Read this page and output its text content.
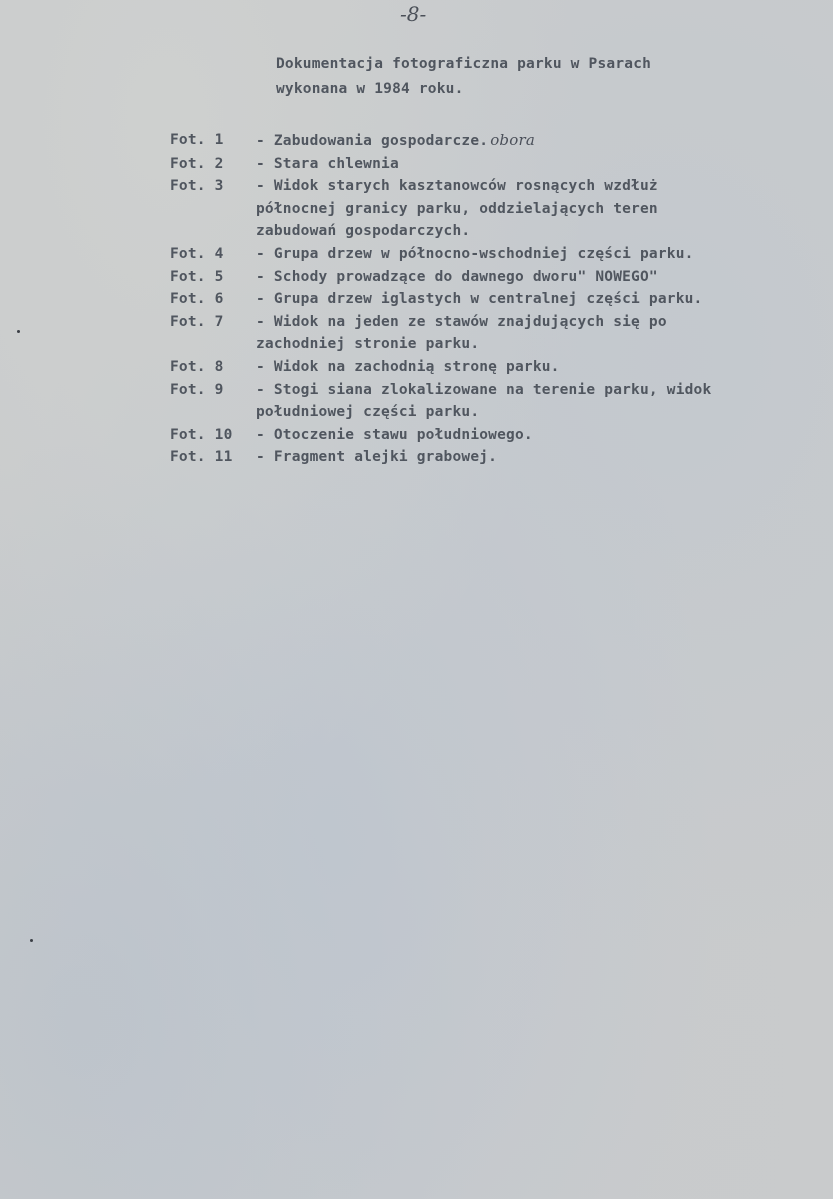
-8-
Dokumentacja fotograficzna parku w Psarach
wykonana w 1984 roku.
Fot. 1	- Zabudowania gospodarcze. obora
Fot. 2	- Stara chlewnia
Fot. 3	- Widok starych kasztanowców rosnących wzdłuż
północnej granicy parku, oddzielających teren
zabudowań gospodarczych.
Fot. 4	- Grupa drzew w północno-wschodniej części parku.
Fot. 5	- Schody prowadzące do dawnego dworu" NOWEGO"
Fot. 6	- Grupa drzew iglastych w centralnej części parku.
Fot. 7	- Widok na jeden ze stawów znajdujących się po
zachodniej stronie parku.
Fot. 8	- Widok na zachodnią stronę parku.
Fot. 9	- Stogi siana zlokalizowane na terenie parku, widok
południowej części parku.
Fot. 10	- Otoczenie stawu południowego.
Fot. 11	- Fragment alejki grabowej.
